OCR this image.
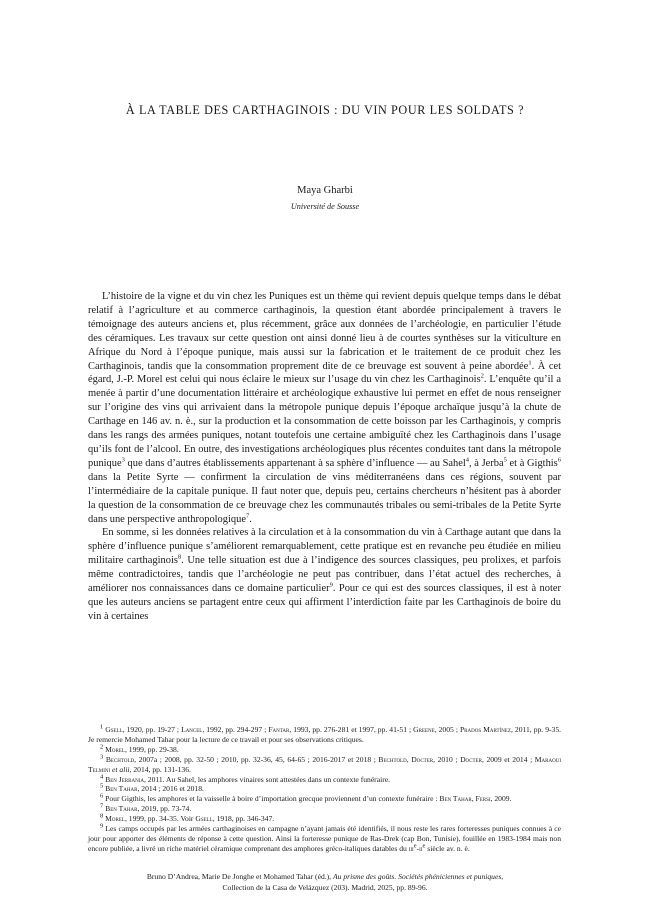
À LA TABLE DES CARTHAGINOIS : DU VIN POUR LES SOLDATS ?
Maya Gharbi
Université de Sousse

L’histoire de la vigne et du vin chez les Puniques est un thème qui revient depuis quelque temps dans le débat relatif à l’agriculture et au commerce carthaginois, la question étant abordée principalement à travers le témoignage des auteurs anciens et, plus récemment, grâce aux données de l’archéologie, en particulier l’étude des céramiques. Les travaux sur cette question ont ainsi donné lieu à de courtes synthèses sur la viticulture en Afrique du Nord à l’époque punique, mais aussi sur la fabrication et le traitement de ce produit chez les Carthaginois, tandis que la consommation proprement dite de ce breuvage est souvent à peine abordée$^1$. À cet égard, J.-P. Morel est celui qui nous éclaire le mieux sur l’usage du vin chez les Carthaginois$^2$. L’enquête qu’il a menée à partir d’une documentation littéraire et archéologique exhaustive lui permet en effet de nous renseigner sur l’origine des vins qui arrivaient dans la métropole punique depuis l’époque archaïque jusqu’à la chute de Carthage en 146 av. n. è., sur la production et la consommation de cette boisson par les Carthaginois, y compris dans les rangs des armées puniques, notant toutefois une certaine ambiguïté chez les Carthaginois dans l’usage qu’ils font de l’alcool. En outre, des investigations archéologiques plus récentes conduites tant dans la métropole punique$^3$ que dans d’autres établissements appartenant à sa sphère d’influence — au Sahel$^4$, à Jerba$^5$ et à Gigthis$^6$ dans la Petite Syrte — confirment la circulation de vins méditerranéens dans ces régions, souvent par l’intermédiaire de la capitale punique. Il faut noter que, depuis peu, certains chercheurs n’hésitent pas à aborder la question de la consommation de ce breuvage chez les communautés tribales ou semi-tribales de la Petite Syrte dans une perspective anthropologique$^7$.

En somme, si les données relatives à la circulation et à la consommation du vin à Carthage autant que dans la sphère d’influence punique s’améliorent remarquablement, cette pratique est en revanche peu étudiée en milieu militaire carthaginois$^8$. Une telle situation est due à l’indigence des sources classiques, peu prolixes, et parfois même contradictoires, tandis que l’archéologie ne peut pas contribuer, dans l’état actuel des recherches, à améliorer nos connaissances dans ce domaine particulier$^9$. Pour ce qui est des sources classiques, il est à noter que les auteurs anciens se partagent entre ceux qui affirment l’interdiction faite par les Carthaginois de boire du vin à certaines

$^1$ Gsell, 1920, pp. 19-27 ; Lancel, 1992, pp. 294-297 ; Fantar, 1993, pp. 276-281 et 1997, pp. 41-51 ; Greene, 2005 ; Prados Martínez, 2011, pp. 9-35. Je remercie Mohamed Tahar pour la lecture de ce travail et pour ses observations critiques.

$^2$ Morel, 1999, pp. 29-38.

$^3$ Bechtold, 2007a ; 2008, pp. 32-50 ; 2010, pp. 32-36, 45, 64-65 ; 2016-2017 et 2018 ; Bechtold, Docter, 2010 ; Docter, 2009 et 2014 ; Maraoui Telmini et alii, 2014, pp. 131-136.

$^4$ Ben Jerbania, 2011. Au Sahel, les amphores vinaires sont attestées dans un contexte funéraire.

$^5$ Ben Tahar, 2014 ; 2016 et 2018.

$^6$ Pour Gigthis, les amphores et la vaisselle à boire d’importation grecque proviennent d’un contexte funéraire : Ben Tahar, Fersi, 2009.

$^7$ Ben Tahar, 2019, pp. 73-74.

$^8$ Morel, 1999, pp. 34-35. Voir Gsell, 1918, pp. 346-347.

$^9$ Les camps occupés par les armées carthaginoises en campagne n’ayant jamais été identifiés, il nous reste les rares forteresses puniques connues à ce jour pour apporter des éléments de réponse à cette question. Ainsi la forteresse punique de Ras-Drek (cap Bon, Tunisie), fouillée en 1983-1984 mais non encore publiée, a livré un riche matériel céramique comprenant des amphores gréco-italiques datables du $iii^e-ii^e$ siècle av. n. è.

Bruno D’Andrea, Marie De Jonghe et Mohamed Tahar (éd.), Au prisme des goûts. Sociétés phéniciennes et puniques,
Collection de la Casa de Velázquez (203). Madrid, 2025, pp. 89-96.
